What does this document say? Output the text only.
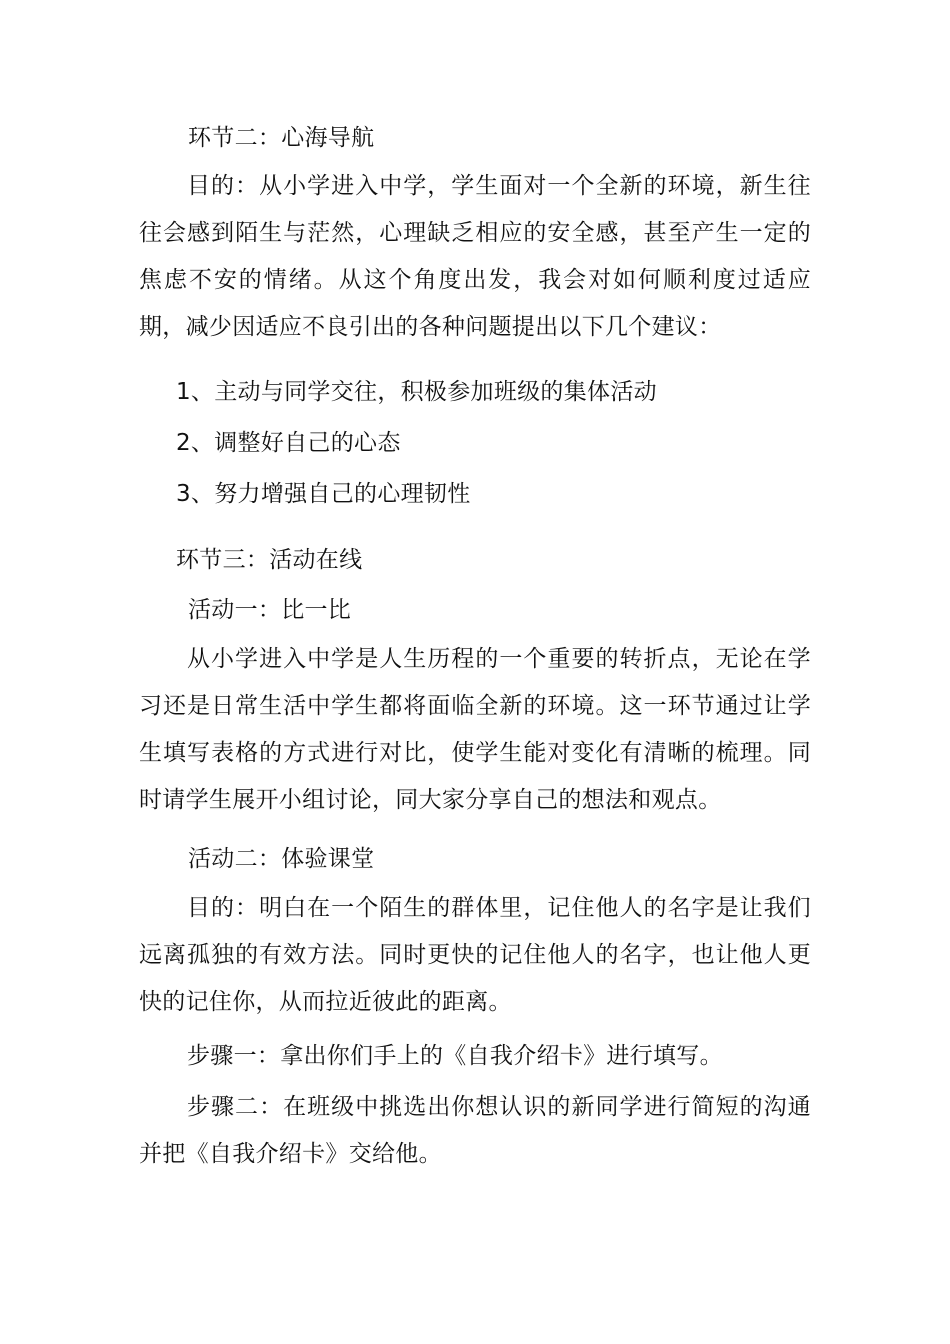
环节二：心海导航
目的：从小学进入中学，学生面对一个全新的环境，新生往往会感到陌生与茫然，心理缺乏相应的安全感，甚至产生一定的焦虑不安的情绪。从这个角度出发，我会对如何顺利度过适应期，减少因适应不良引出的各种问题提出以下几个建议：
1、主动与同学交往，积极参加班级的集体活动
2、调整好自己的心态
3、努力增强自己的心理韧性
环节三：活动在线
活动一：比一比
从小学进入中学是人生历程的一个重要的转折点，无论在学习还是日常生活中学生都将面临全新的环境。这一环节通过让学生填写表格的方式进行对比，使学生能对变化有清晰的梳理。同时请学生展开小组讨论，同大家分享自己的想法和观点。
活动二：体验课堂
目的：明白在一个陌生的群体里，记住他人的名字是让我们远离孤独的有效方法。同时更快的记住他人的名字，也让他人更快的记住你，从而拉近彼此的距离。
步骤一：拿出你们手上的《自我介绍卡》进行填写。
步骤二：在班级中挑选出你想认识的新同学进行简短的沟通并把《自我介绍卡》交给他。
